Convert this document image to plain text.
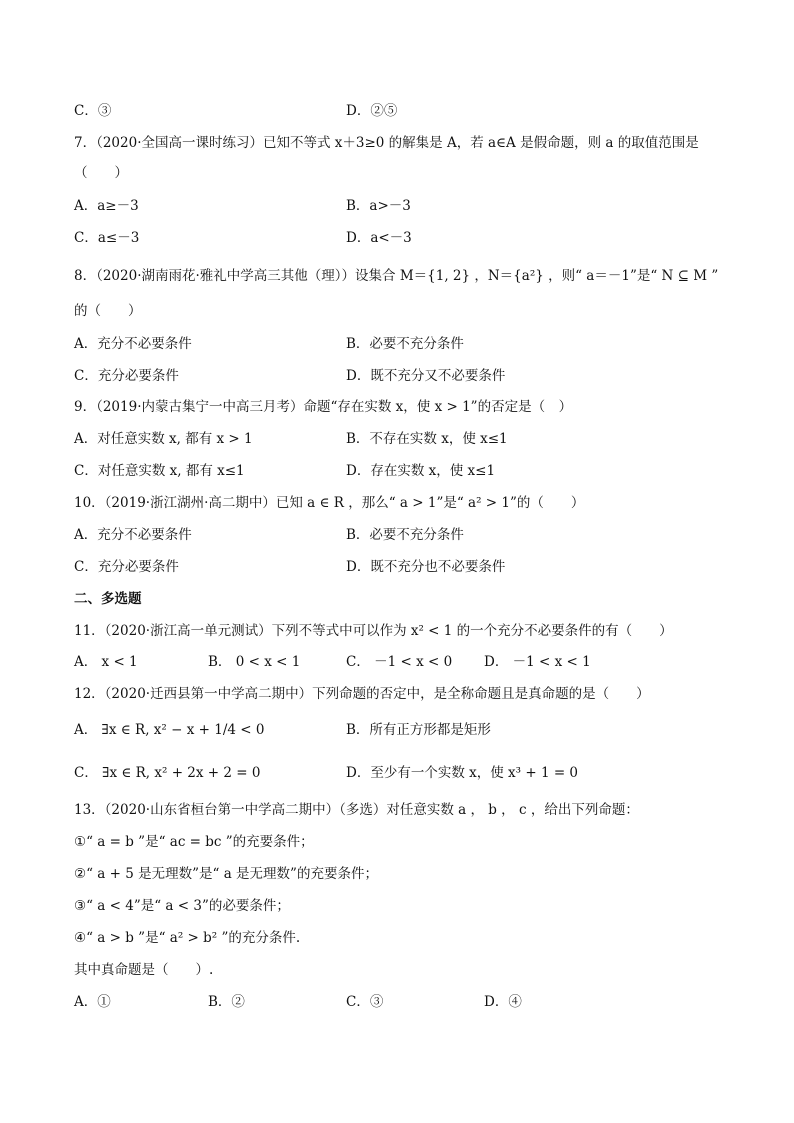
C．③	D．②⑤
7．（2020·全国高一课时练习）已知不等式 x＋3≥0 的解集是 A，若 a∈A 是假命题，则 a 的取值范围是
（　　）
A．a≥－3	B．a>－3
C．a≤－3	D．a<－3
8．（2020·湖南雨花·雅礼中学高三其他（理））设集合 M＝{1, 2} ，N＝{a²} ，则“ a＝－1”是“ N ⊆ M ”
的（　　）
A．充分不必要条件	B．必要不充分条件
C．充分必要条件	D．既不充分又不必要条件
9．（2019·内蒙古集宁一中高三月考）命题“存在实数 x，使 x > 1”的否定是（　）
A．对任意实数 x, 都有 x > 1	B．不存在实数 x，使 x≤1
C．对任意实数 x, 都有 x≤1	D．存在实数 x，使 x≤1
10．（2019·浙江湖州·高二期中）已知 a ∈ R ，那么“ a > 1”是“ a² > 1”的（　　）
A．充分不必要条件	B．必要不充分条件
C．充分必要条件	D．既不充分也不必要条件
二、多选题
11．（2020·浙江高一单元测试）下列不等式中可以作为 x² < 1 的一个充分不必要条件的有（　　）
A． x < 1	B． 0 < x < 1	C． －1 < x < 0 D． －1 < x < 1
12．（2020·迁西县第一中学高二期中）下列命题的否定中，是全称命题且是真命题的是（　　）
A． ∃x ∈ R, x² − x + 1/4 < 0	B．所有正方形都是矩形
C． ∃x ∈ R, x² + 2x + 2 = 0	D．至少有一个实数 x，使 x³ + 1 = 0
13．（2020·山东省桓台第一中学高二期中）（多选）对任意实数 a ， b ， c ，给出下列命题：
①“ a = b ”是“ ac = bc ”的充要条件；
②“ a + 5 是无理数”是“ a 是无理数”的充要条件；
③“ a < 4”是“ a < 3”的必要条件；
④“ a > b ”是“ a² > b² ”的充分条件.
其中真命题是（　　）.
A．①	B．②	C．③	D．④
